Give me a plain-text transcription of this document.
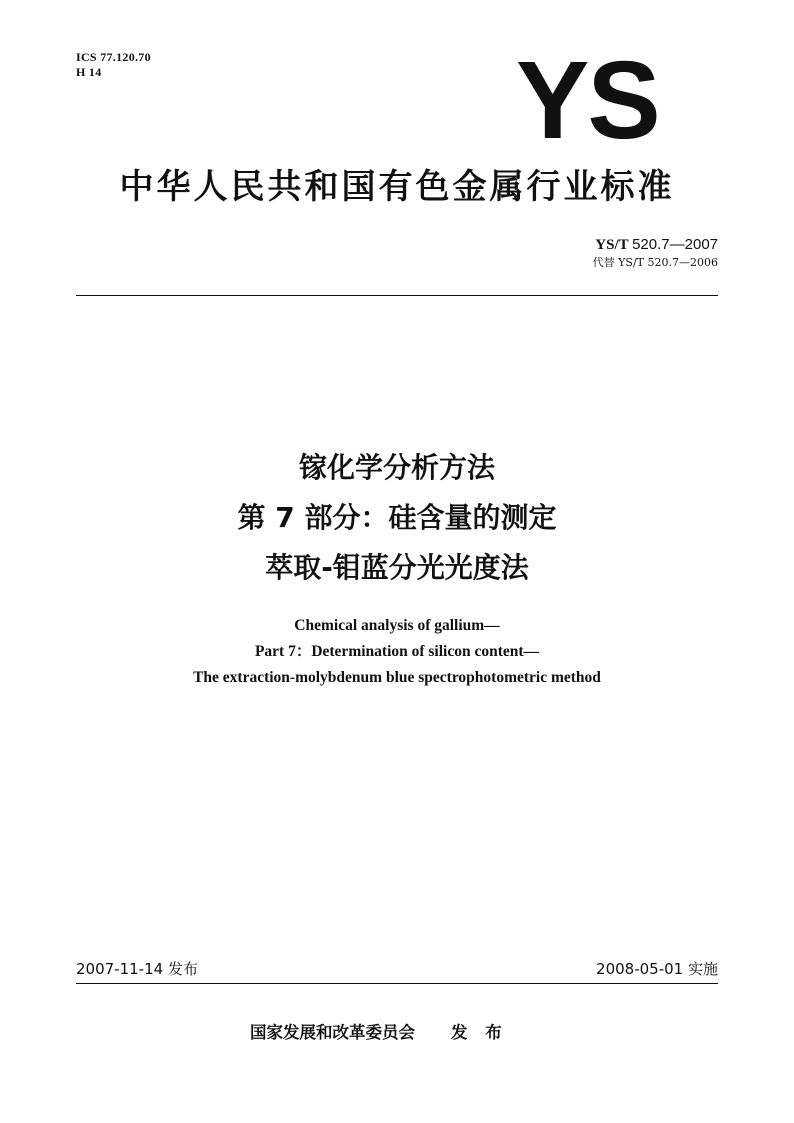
ICS 77.120.70
H 14	YS
中华人民共和国有色金属行业标准
YS/T 520.7—2007
代替 YS/T 520.7—2006
镓化学分析方法
第 7 部分：硅含量的测定
萃取-钼蓝分光光度法
Chemical analysis of gallium—
Part 7：Determination of silicon content—
The extraction-molybdenum blue spectrophotometric method
2007-11-14 发布	2008-05-01 实施
国家发展和改革委员会 发 布
